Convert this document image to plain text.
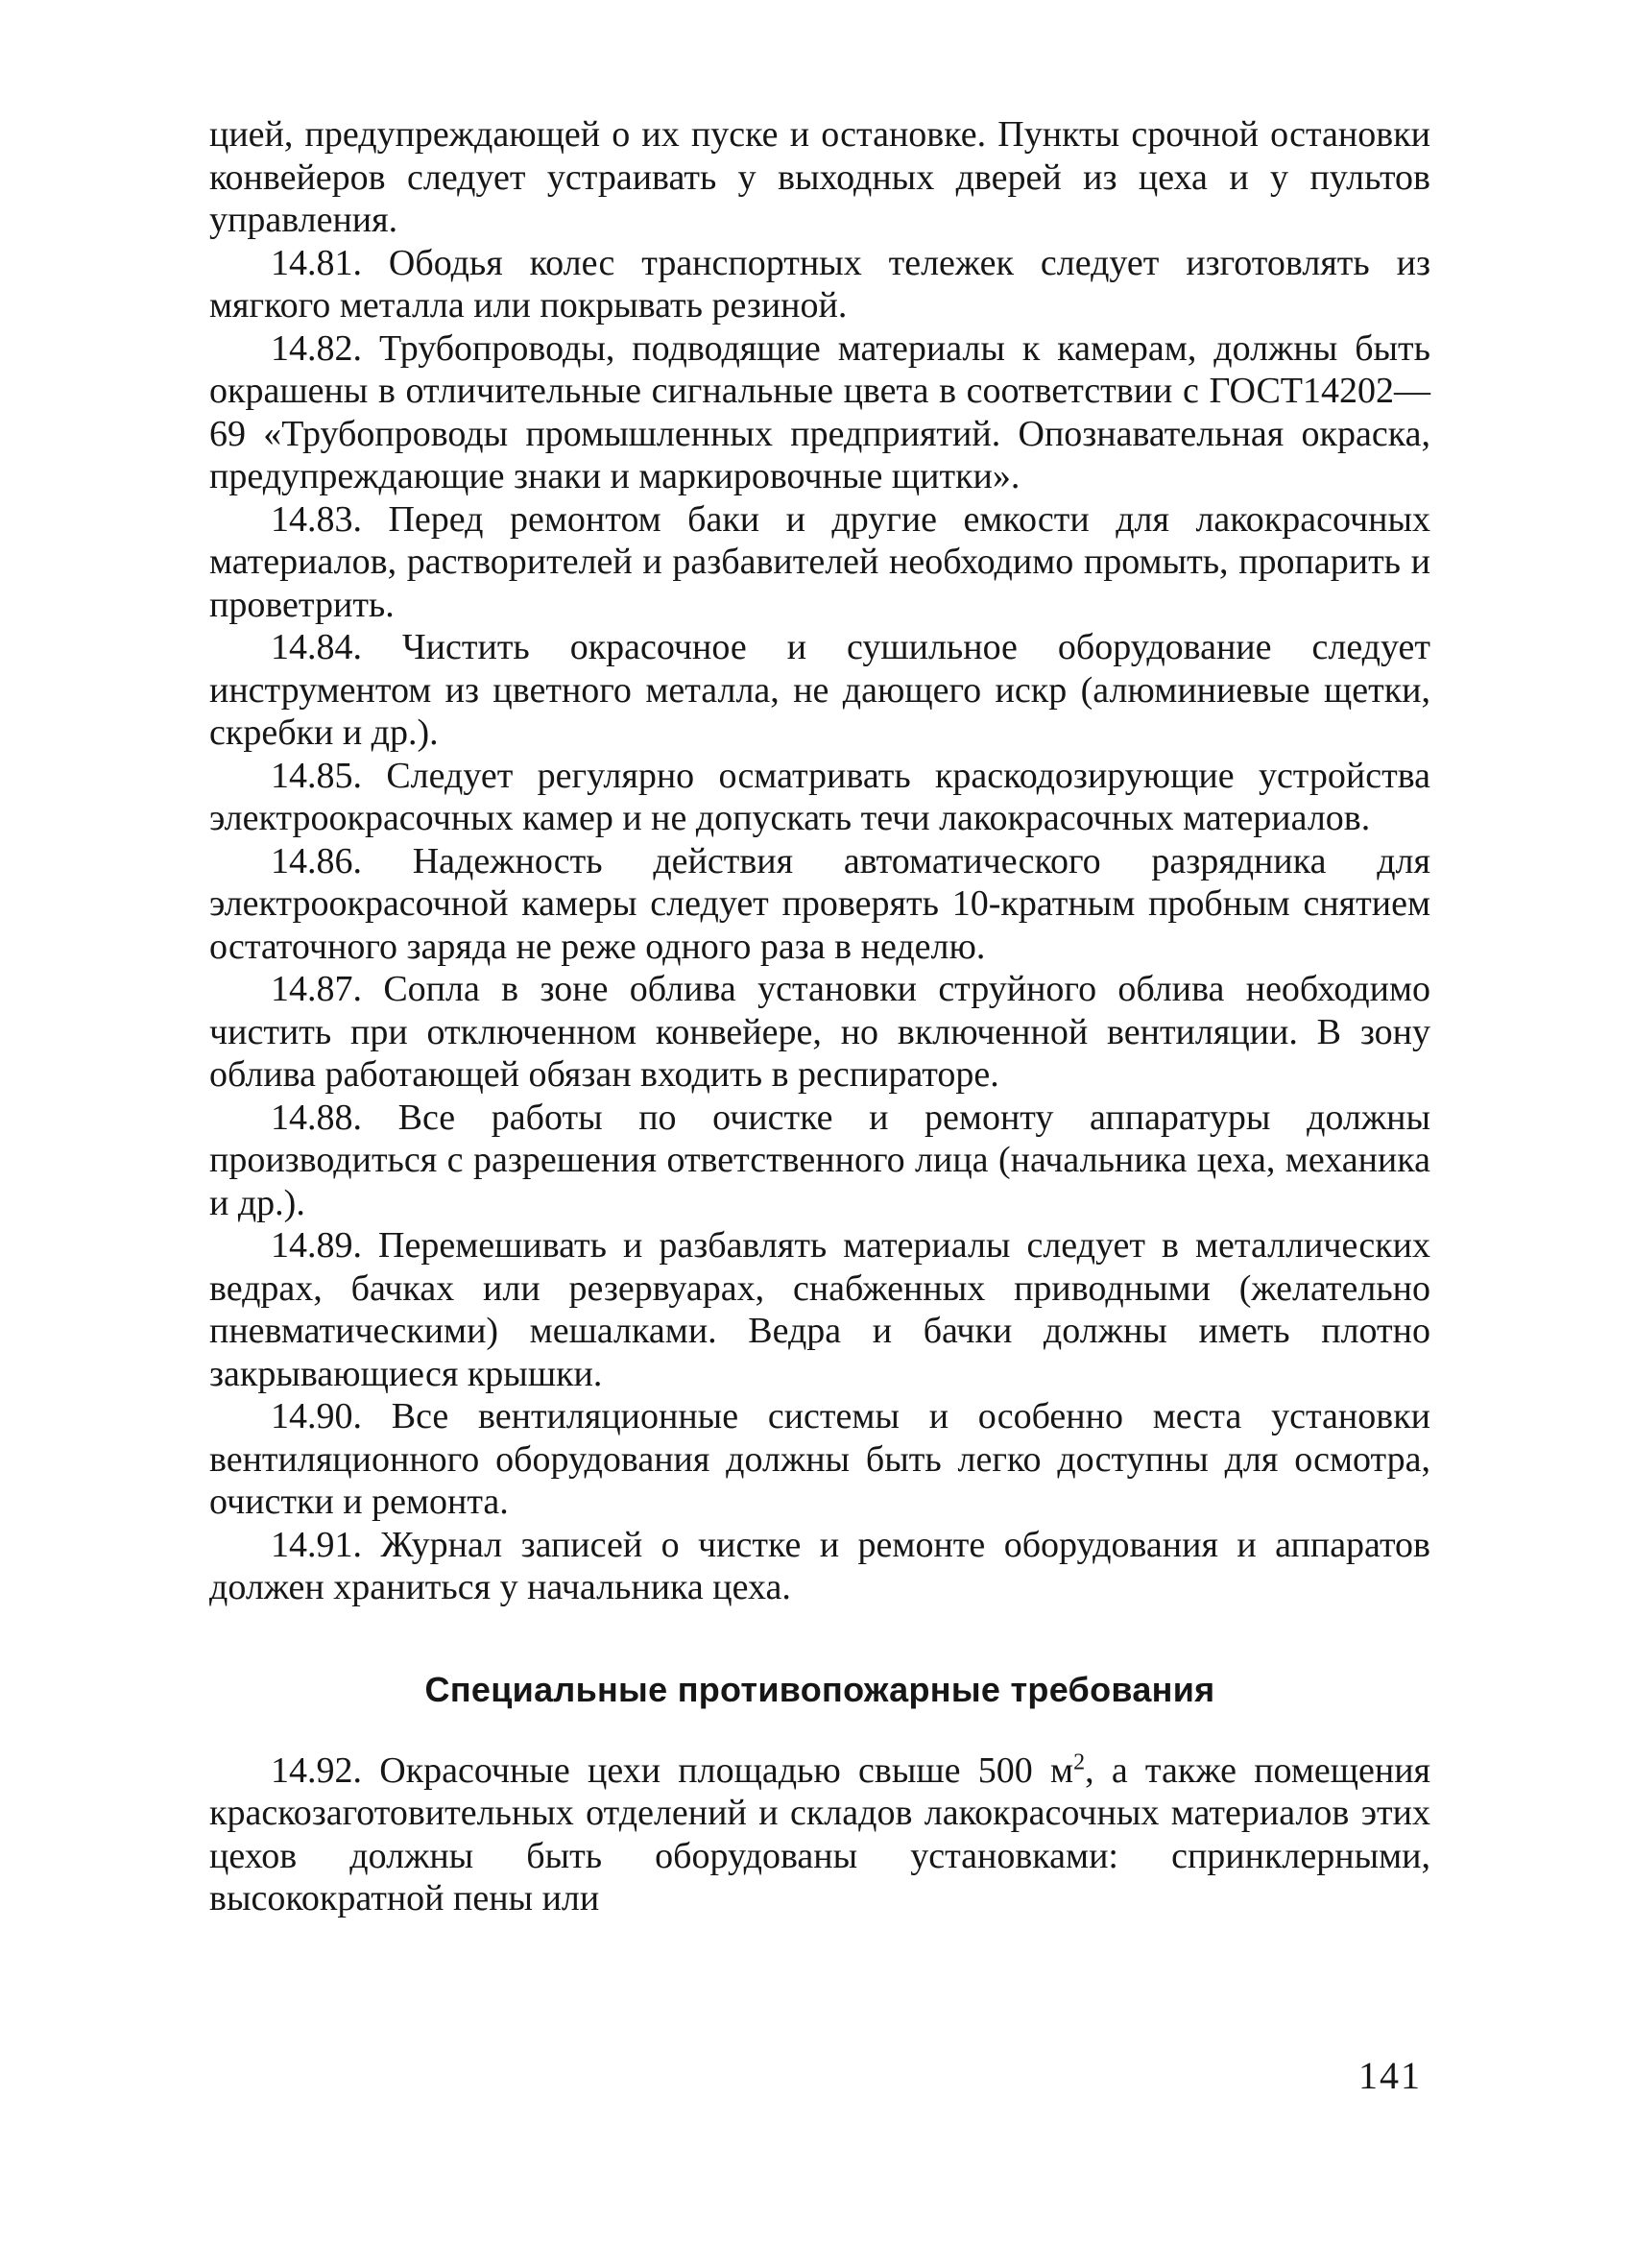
цией, предупреждающей о их пуске и остановке. Пункты срочной остановки конвейеров следует устраивать у выходных дверей из цеха и у пультов управления.

14.81. Ободья колес транспортных тележек следует изготовлять из мягкого металла или покрывать резиной.

14.82. Трубопроводы, подводящие материалы к камерам, должны быть окрашены в отличительные сигнальные цвета в соответствии с ГОСТ14202—69 «Трубопроводы промышленных предприятий. Опознавательная окраска, предупреждающие знаки и маркировочные щитки».

14.83. Перед ремонтом баки и другие емкости для лакокрасочных материалов, растворителей и разбавителей необходимо промыть, пропарить и проветрить.

14.84. Чистить окрасочное и сушильное оборудование следует инструментом из цветного металла, не дающего искр (алюминиевые щетки, скребки и др.).

14.85. Следует регулярно осматривать краскодозирующие устройства электроокрасочных камер и не допускать течи лакокрасочных материалов.

14.86. Надежность действия автоматического разрядника для электроокрасочной камеры следует проверять 10-кратным пробным снятием остаточного заряда не реже одного раза в неделю.

14.87. Сопла в зоне облива установки струйного облива необходимо чистить при отключенном конвейере, но включенной вентиляции. В зону облива работающей обязан входить в респираторе.

14.88. Все работы по очистке и ремонту аппаратуры должны производиться с разрешения ответственного лица (начальника цеха, механика и др.).

14.89. Перемешивать и разбавлять материалы следует в металлических ведрах, бачках или резервуарах, снабженных приводными (желательно пневматическими) мешалками. Ведра и бачки должны иметь плотно закрывающиеся крышки.

14.90. Все вентиляционные системы и особенно места установки вентиляционного оборудования должны быть легко доступны для осмотра, очистки и ремонта.

14.91. Журнал записей о чистке и ремонте оборудования и аппаратов должен храниться у начальника цеха.

Специальные противопожарные требования

14.92. Окрасочные цехи площадью свыше 500 $м^2$, а также помещения краскозаготовительных отделений и складов лакокрасочных материалов этих цехов должны быть оборудованы установками: спринклерными, высокократной пены или

141
